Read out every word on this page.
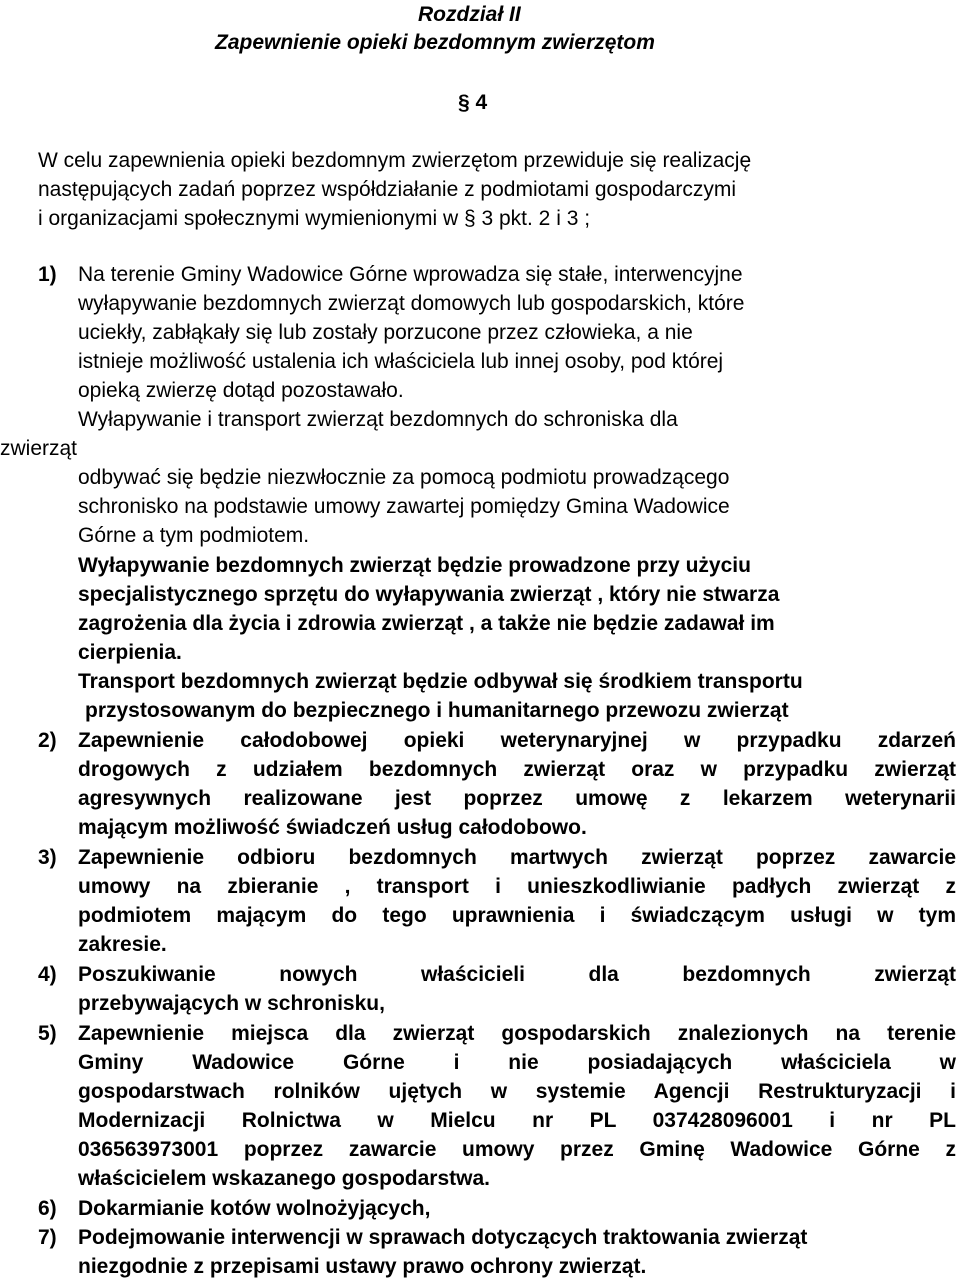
Rozdział II
Zapewnienie opieki bezdomnym zwierzętom
§ 4
W celu zapewnienia opieki bezdomnym zwierzętom przewiduje się realizację
następujących zadań poprzez współdziałanie z podmiotami gospodarczymi
i organizacjami społecznymi wymienionymi w § 3 pkt. 2 i 3 ;
1) Na terenie Gminy Wadowice Górne wprowadza się stałe, interwencyjne
wyłapywanie bezdomnych zwierząt domowych lub gospodarskich, które
uciekły, zabłąkały się lub zostały porzucone przez człowieka, a nie
istnieje możliwość ustalenia ich właściciela lub innej osoby, pod której
opieką zwierzę dotąd pozostawało.
Wyłapywanie i transport zwierząt bezdomnych do schroniska dla
zwierząt
odbywać się będzie niezwłocznie za pomocą podmiotu prowadzącego
schronisko na podstawie umowy zawartej pomiędzy Gmina Wadowice
Górne a tym podmiotem.
Wyłapywanie bezdomnych zwierząt będzie prowadzone przy użyciu
specjalistycznego sprzętu do wyłapywania zwierząt , który nie stwarza
zagrożenia dla życia i zdrowia zwierząt , a także nie będzie zadawał im
cierpienia.
Transport bezdomnych zwierząt będzie odbywał się środkiem transportu
przystosowanym do bezpiecznego i humanitarnego przewozu zwierząt
2) Zapewnienie całodobowej opieki weterynaryjnej w przypadku zdarzeń
drogowych z udziałem bezdomnych zwierząt oraz w przypadku zwierząt
agresywnych realizowane jest poprzez umowę z lekarzem weterynarii
mającym możliwość świadczeń usług całodobowo.
3) Zapewnienie odbioru bezdomnych martwych zwierząt poprzez zawarcie
umowy na zbieranie , transport i unieszkodliwianie padłych zwierząt z
podmiotem mającym do tego uprawnienia i świadczącym usługi w tym
zakresie.
4) Poszukiwanie nowych właścicieli dla bezdomnych zwierząt
przebywających w schronisku,
5) Zapewnienie miejsca dla zwierząt gospodarskich znalezionych na terenie
Gminy Wadowice Górne i nie posiadających właściciela w
gospodarstwach rolników ujętych w systemie Agencji Restrukturyzacji i
Modernizacji Rolnictwa w Mielcu nr PL 037428096001 i nr PL
036563973001 poprzez zawarcie umowy przez Gminę Wadowice Górne z
właścicielem wskazanego gospodarstwa.
6) Dokarmianie kotów wolnożyjących,
7) Podejmowanie interwencji w sprawach dotyczących traktowania zwierząt
niezgodnie z przepisami ustawy prawo ochrony zwierząt.
